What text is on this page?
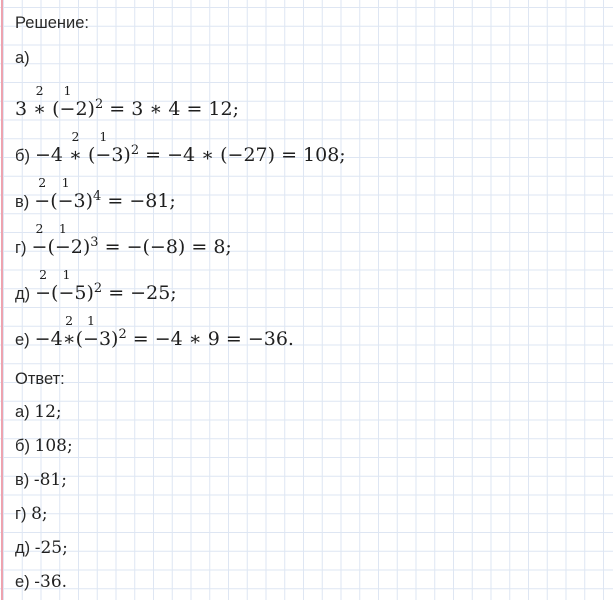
Решение:
а)
3
2
∗ (
1
−2)$^2$ = 3 ∗ 4 = 12;
б) −4
2
∗ (
1
−3)$^2$ = −4 ∗ (−27) = 108;
в)
2
−(
1
−3)$^4$ = −81;
г)
2
−(
1
−2)$^3$ = −(−8) = 8;
д)
2
−(
1
−5)$^2$ = −25;
е) −4
2
∗(
1
−3)$^2$ = −4 ∗ 9 = −36.
Ответ:
а) 12;
б) 108;
в) -81;
г) 8;
д) -25;
е) -36.
